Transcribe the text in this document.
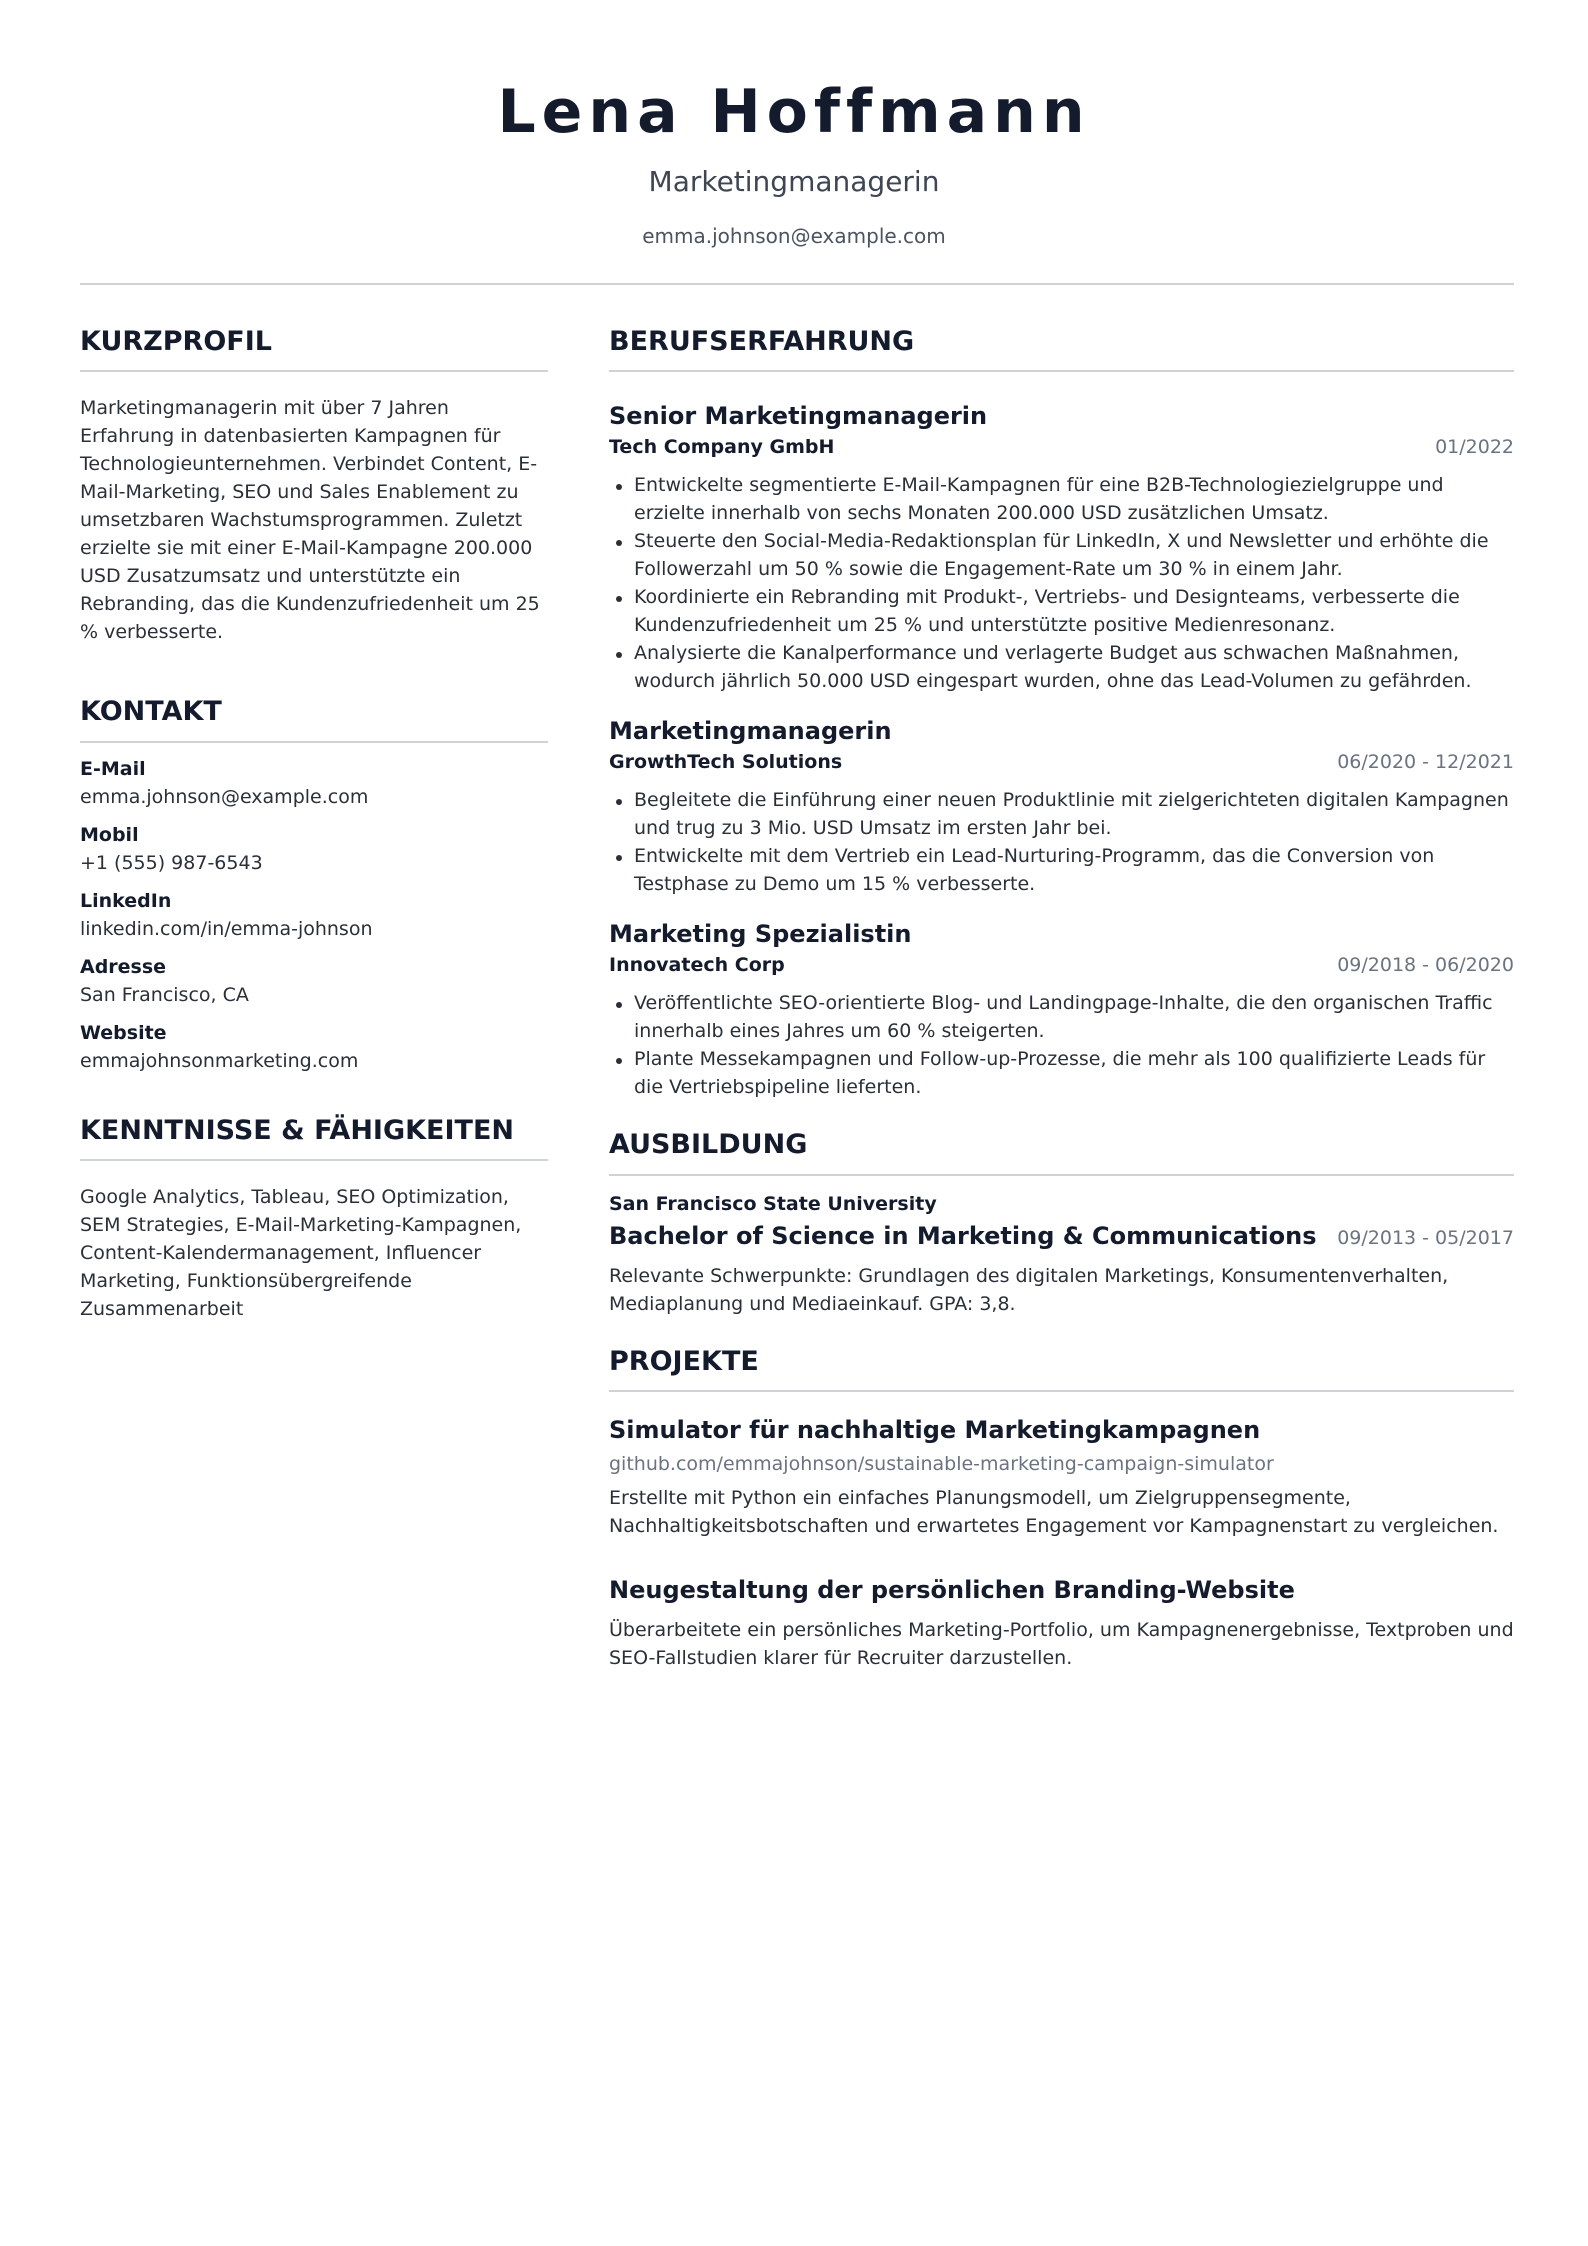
Lena Hoffmann
Marketingmanagerin
emma.johnson@example.com
KURZPROFIL

Marketingmanagerin mit über 7 Jahren Erfahrung in datenbasierten Kampagnen für Technologieunternehmen. Verbindet Content, E-Mail-Marketing, SEO und Sales Enablement zu umsetzbaren Wachstumsprogrammen. Zuletzt erzielte sie mit einer E-Mail-Kampagne 200.000 USD Zusatzumsatz und unterstützte ein Rebranding, das die Kundenzufriedenheit um 25 % verbesserte.

KONTAKT
E-Mail
emma.johnson@example.com
Mobil
+1 (555) 987-6543
LinkedIn
linkedin.com/in/emma-johnson
Adresse
San Francisco, CA
Website
emmajohnsonmarketing.com
KENNTNISSE & FÄHIGKEITEN

Google Analytics, Tableau, SEO Optimization, SEM Strategies, E-Mail-Marketing-Kampagnen, Content-Kalendermanagement, Influencer Marketing, Funktionsübergreifende Zusammenarbeit

BERUFSERFAHRUNG
Senior Marketingmanagerin
Tech Company GmbH	01/2022
Entwickelte segmentierte E-Mail-Kampagnen für eine B2B-Technologiezielgruppe und erzielte innerhalb von sechs Monaten 200.000 USD zusätzlichen Umsatz.
Steuerte den Social-Media-Redaktionsplan für LinkedIn, X und Newsletter und erhöhte die Followerzahl um 50 % sowie die Engagement-Rate um 30 % in einem Jahr.
Koordinierte ein Rebranding mit Produkt-, Vertriebs- und Designteams, verbesserte die Kundenzufriedenheit um 25 % und unterstützte positive Medienresonanz.
Analysierte die Kanalperformance und verlagerte Budget aus schwachen Maßnahmen, wodurch jährlich 50.000 USD eingespart wurden, ohne das Lead-Volumen zu gefährden.
Marketingmanagerin
GrowthTech Solutions	06/2020 - 12/2021
Begleitete die Einführung einer neuen Produktlinie mit zielgerichteten digitalen Kampagnen und trug zu 3 Mio. USD Umsatz im ersten Jahr bei.
Entwickelte mit dem Vertrieb ein Lead-Nurturing-Programm, das die Conversion von Testphase zu Demo um 15 % verbesserte.
Marketing Spezialistin
Innovatech Corp	09/2018 - 06/2020
Veröffentlichte SEO-orientierte Blog- und Landingpage-Inhalte, die den organischen Traffic innerhalb eines Jahres um 60 % steigerten.
Plante Messekampagnen und Follow-up-Prozesse, die mehr als 100 qualifizierte Leads für die Vertriebspipeline lieferten.
AUSBILDUNG
San Francisco State University
Bachelor of Science in Marketing & Communications 09/2013 - 05/2017

Relevante Schwerpunkte: Grundlagen des digitalen Marketings, Konsumentenverhalten, Mediaplanung und Mediaeinkauf. GPA: 3,8.

PROJEKTE
Simulator für nachhaltige Marketingkampagnen
github.com/emmajohnson/sustainable-marketing-campaign-simulator

Erstellte mit Python ein einfaches Planungsmodell, um Zielgruppensegmente, Nachhaltigkeitsbotschaften und erwartetes Engagement vor Kampagnenstart zu vergleichen.

Neugestaltung der persönlichen Branding-Website

Überarbeitete ein persönliches Marketing-Portfolio, um Kampagnenergebnisse, Textproben und SEO-Fallstudien klarer für Recruiter darzustellen.
